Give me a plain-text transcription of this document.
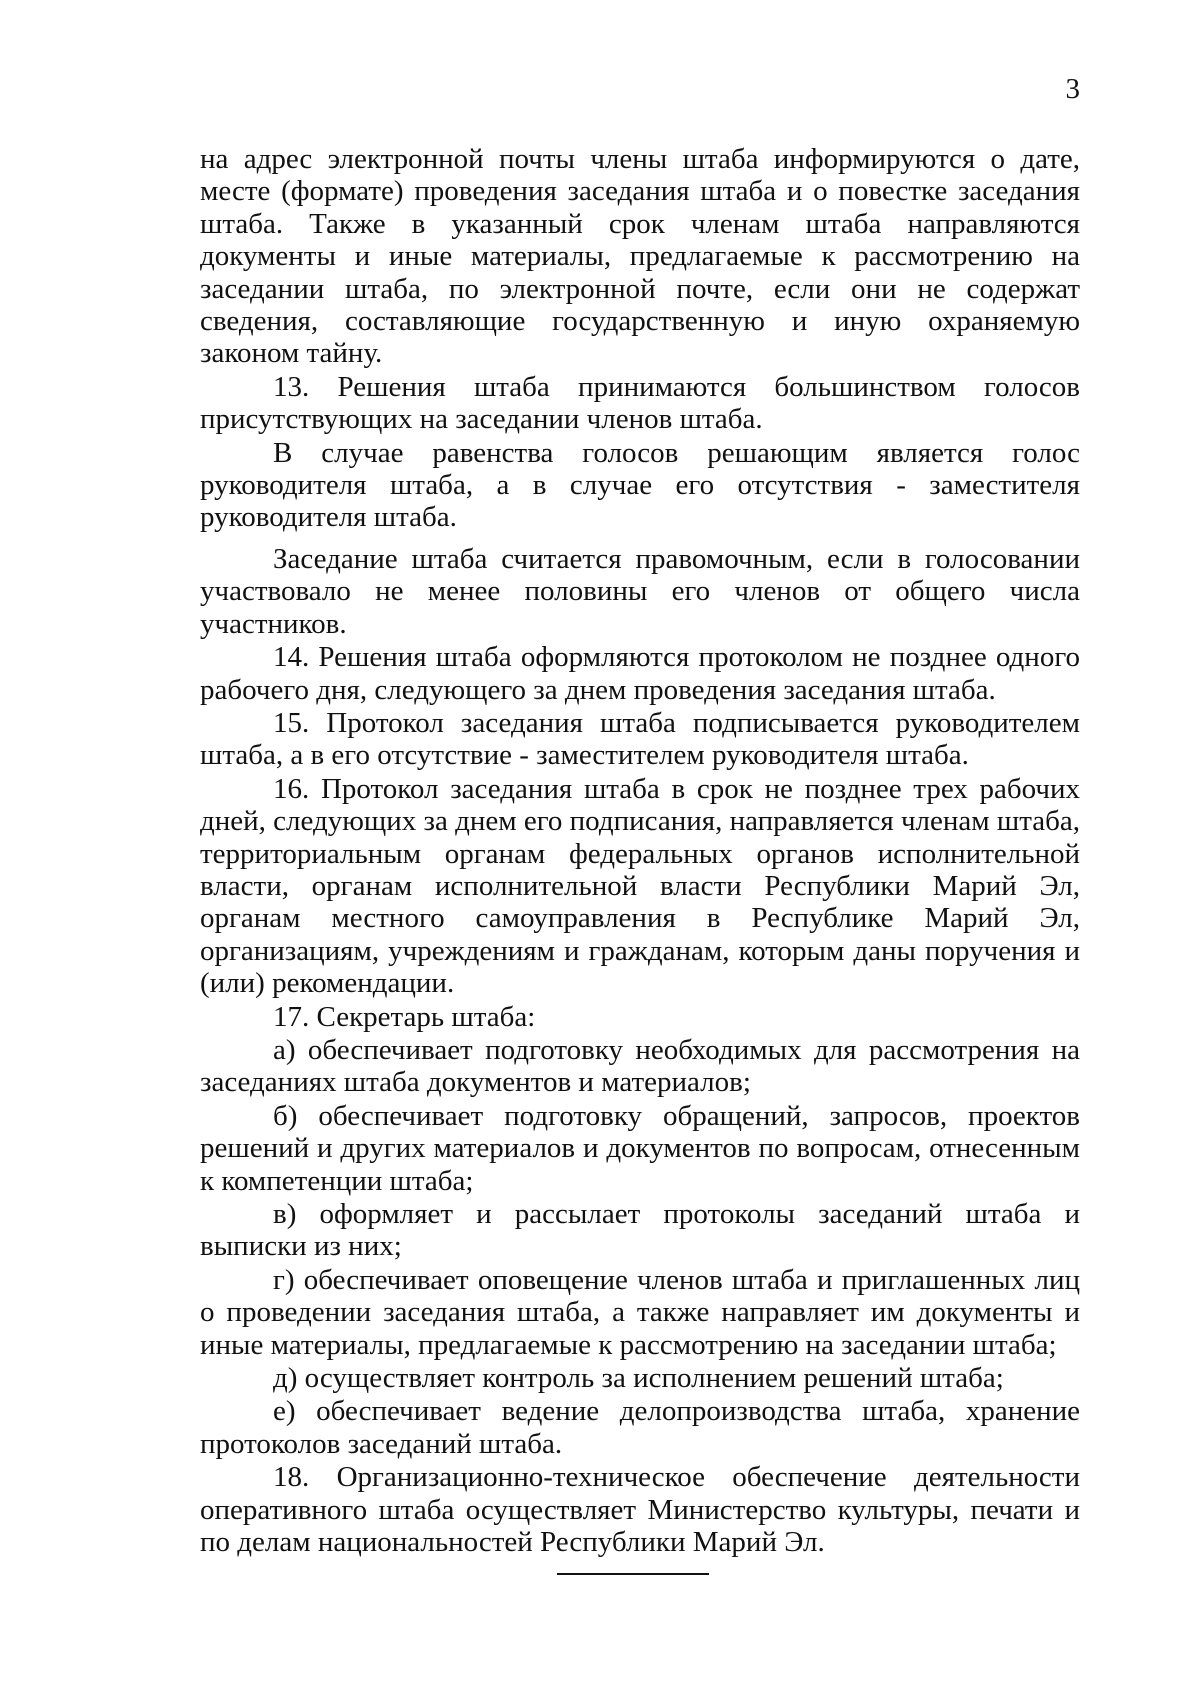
3

на адрес электронной почты члены штаба информируются о дате, месте (формате) проведения заседания штаба и о повестке заседания штаба. Также в указанный срок членам штаба направляются документы и иные материалы, предлагаемые к рассмотрению на заседании штаба, по электронной почте, если они не содержат сведения, составляющие государственную и иную охраняемую законом тайну.

13. Решения штаба принимаются большинством голосов присутствующих на заседании членов штаба.

В случае равенства голосов решающим является голос руководителя штаба, а в случае его отсутствия - заместителя руководителя штаба.

Заседание штаба считается правомочным, если в голосовании участвовало не менее половины его членов от общего числа участников.

14. Решения штаба оформляются протоколом не позднее одного рабочего дня, следующего за днем проведения заседания штаба.

15. Протокол заседания штаба подписывается руководителем штаба, а в его отсутствие - заместителем руководителя штаба.

16. Протокол заседания штаба в срок не позднее трех рабочих дней, следующих за днем его подписания, направляется членам штаба, территориальным органам федеральных органов исполнительной власти, органам исполнительной власти Республики Марий Эл, органам местного самоуправления в Республике Марий Эл, организациям, учреждениям и гражданам, которым даны поручения и (или) рекомендации.

17. Секретарь штаба:

а) обеспечивает подготовку необходимых для рассмотрения на заседаниях штаба документов и материалов;

б) обеспечивает подготовку обращений, запросов, проектов решений и других материалов и документов по вопросам, отнесенным к компетенции штаба;

в) оформляет и рассылает протоколы заседаний штаба и выписки из них;

г) обеспечивает оповещение членов штаба и приглашенных лиц о проведении заседания штаба, а также направляет им документы и иные материалы, предлагаемые к рассмотрению на заседании штаба;

д) осуществляет контроль за исполнением решений штаба;

е) обеспечивает ведение делопроизводства штаба, хранение протоколов заседаний штаба.

18. Организационно-техническое обеспечение деятельности оперативного штаба осуществляет Министерство культуры, печати и по делам национальностей Республики Марий Эл.
